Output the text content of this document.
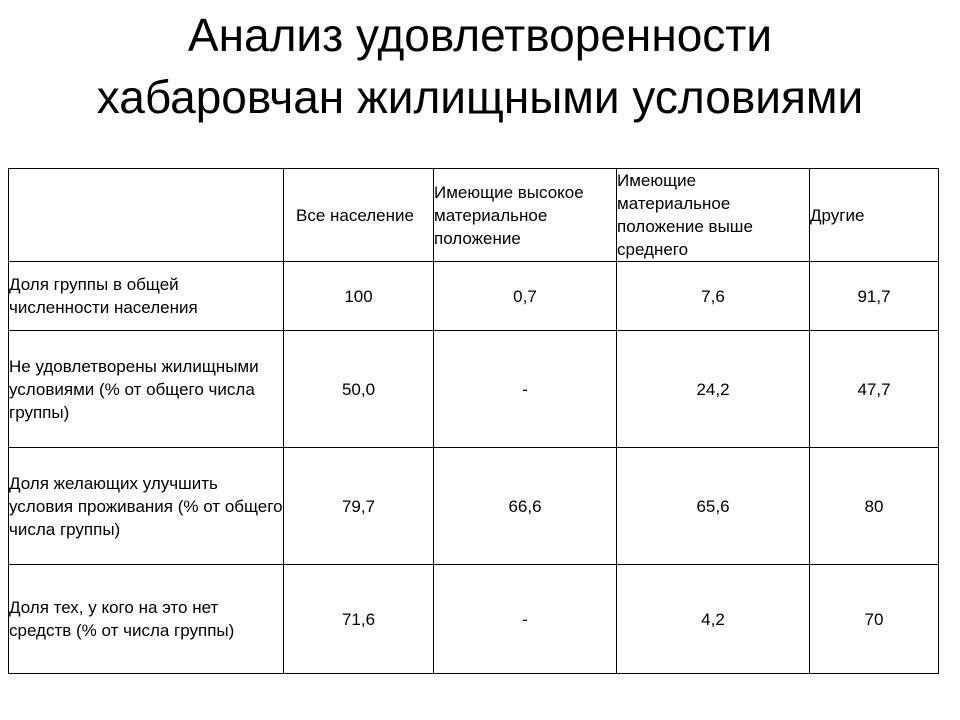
Анализ удовлетворенности
хабаровчан жилищными условиями
	Все население	Имеющие высокое материальное положение	Имеющие материальное положение выше среднего	Другие
Доля группы в общей численности населения	100	0,7	7,6	91,7
Не удовлетворены жилищными условиями (% от общего числа группы)	50,0	-	24,2	47,7
Доля желающих улучшить условия проживания (% от общего числа группы)	79,7	66,6	65,6	80
Доля тех, у кого на это нет средств (% от числа группы)	71,6	-	4,2	70
